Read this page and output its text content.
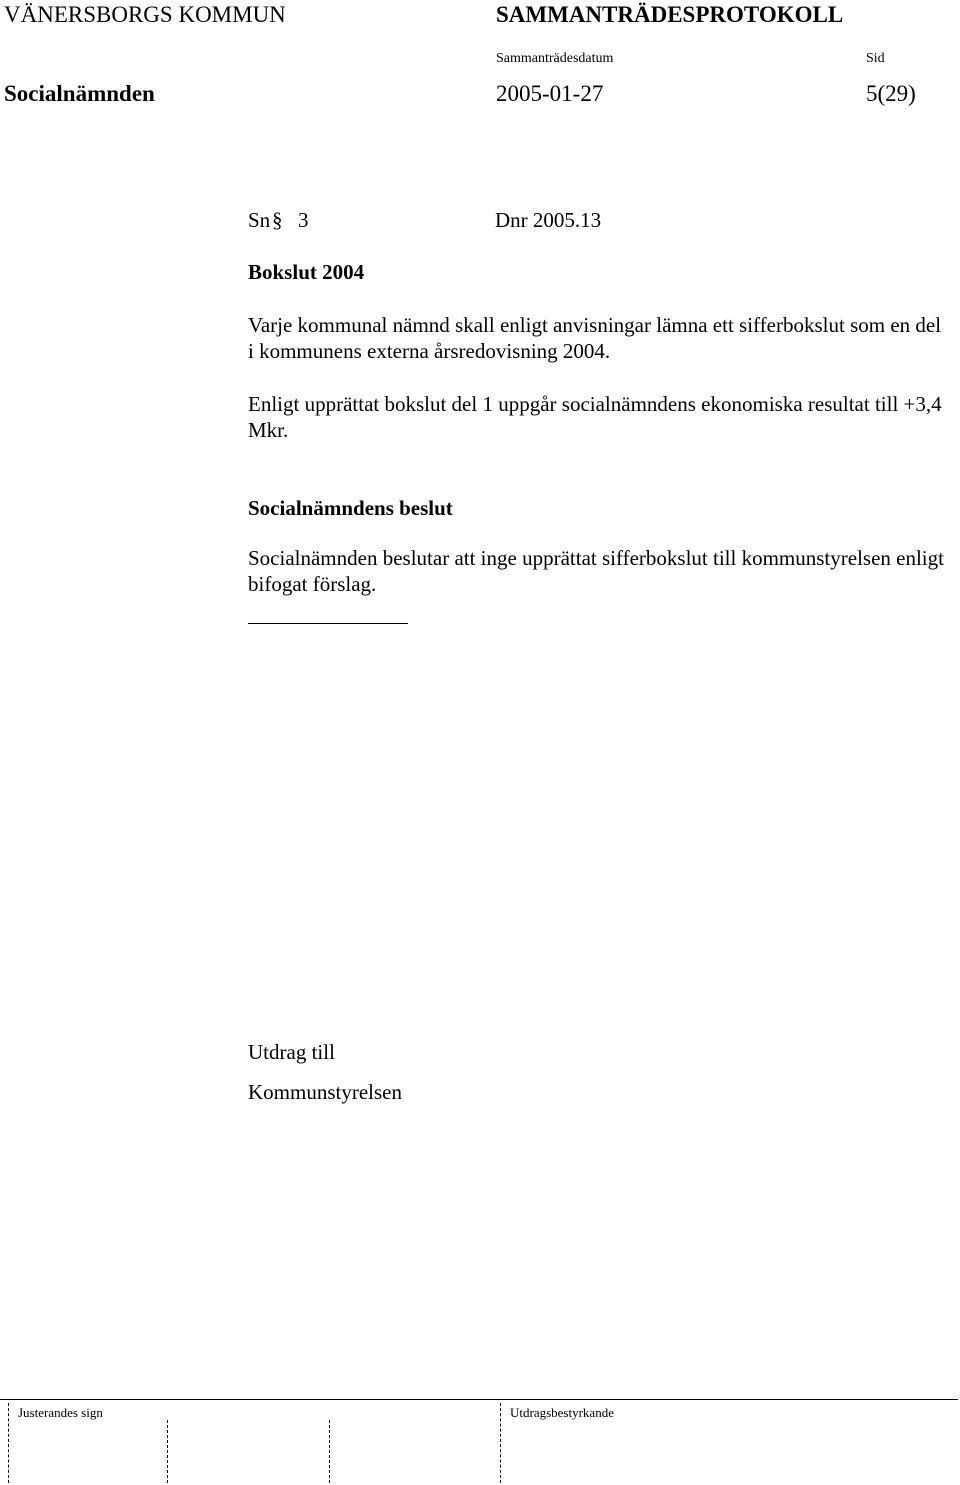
VÄNERSBORGS KOMMUN	SAMMANTRÄDESPROTOKOLL
Sammanträdesdatum	Sid
Socialnämnden	2005-01-27	5(29)
Sn § 3	Dnr 2005.13
Bokslut 2004
Varje kommunal nämnd skall enligt anvisningar lämna ett sifferbokslut som en del i kommunens externa årsredovisning 2004.
Enligt upprättat bokslut del 1 uppgår socialnämndens ekonomiska resultat till +3,4 Mkr.
Socialnämndens beslut
Socialnämnden beslutar att inge upprättat sifferbokslut till kommunstyrelsen enligt bifogat förslag.
Utdrag till
Kommunstyrelsen
Justerandes sign	Utdragsbestyrkande
